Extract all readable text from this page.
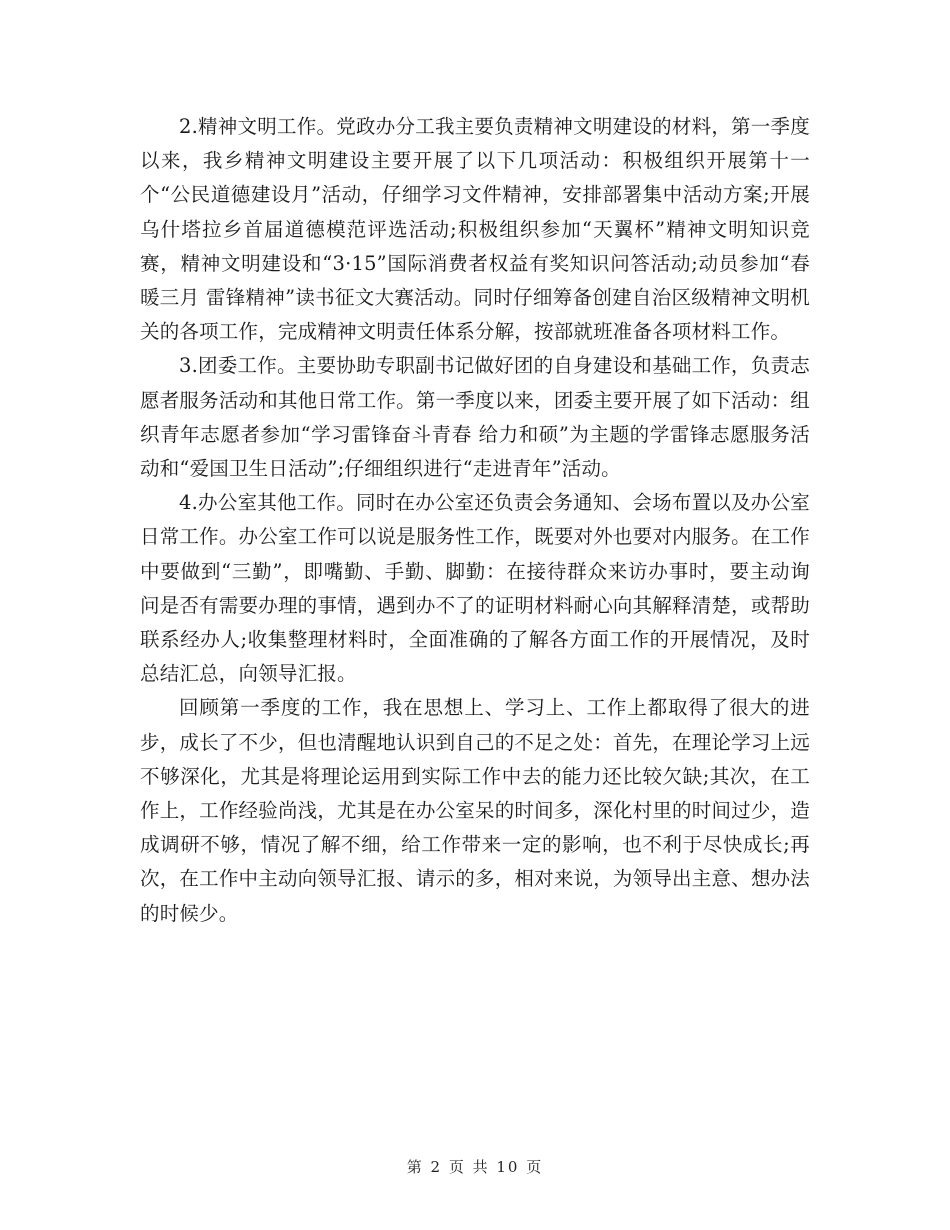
2.精神文明工作。党政办分工我主要负责精神文明建设的材料，第一季度以来，我乡精神文明建设主要开展了以下几项活动：积极组织开展第十一个“公民道德建设月”活动，仔细学习文件精神，安排部署集中活动方案;开展乌什塔拉乡首届道德模范评选活动;积极组织参加“天翼杯”精神文明知识竞赛，精神文明建设和“3·15”国际消费者权益有奖知识问答活动;动员参加“春暖三月 雷锋精神”读书征文大赛活动。同时仔细筹备创建自治区级精神文明机关的各项工作，完成精神文明责任体系分解，按部就班准备各项材料工作。

3.团委工作。主要协助专职副书记做好团的自身建设和基础工作，负责志愿者服务活动和其他日常工作。第一季度以来，团委主要开展了如下活动：组织青年志愿者参加“学习雷锋奋斗青春 给力和硕”为主题的学雷锋志愿服务活动和“爱国卫生日活动”;仔细组织进行“走进青年”活动。

4.办公室其他工作。同时在办公室还负责会务通知、会场布置以及办公室日常工作。办公室工作可以说是服务性工作，既要对外也要对内服务。在工作中要做到“三勤”，即嘴勤、手勤、脚勤：在接待群众来访办事时，要主动询问是否有需要办理的事情，遇到办不了的证明材料耐心向其解释清楚，或帮助联系经办人;收集整理材料时，全面准确的了解各方面工作的开展情况，及时总结汇总，向领导汇报。

回顾第一季度的工作，我在思想上、学习上、工作上都取得了很大的进步，成长了不少，但也清醒地认识到自己的不足之处：首先，在理论学习上远不够深化，尤其是将理论运用到实际工作中去的能力还比较欠缺;其次，在工作上，工作经验尚浅，尤其是在办公室呆的时间多，深化村里的时间过少，造成调研不够，情况了解不细，给工作带来一定的影响，也不利于尽快成长;再次，在工作中主动向领导汇报、请示的多，相对来说，为领导出主意、想办法的时候少。

第 2 页 共 10 页
